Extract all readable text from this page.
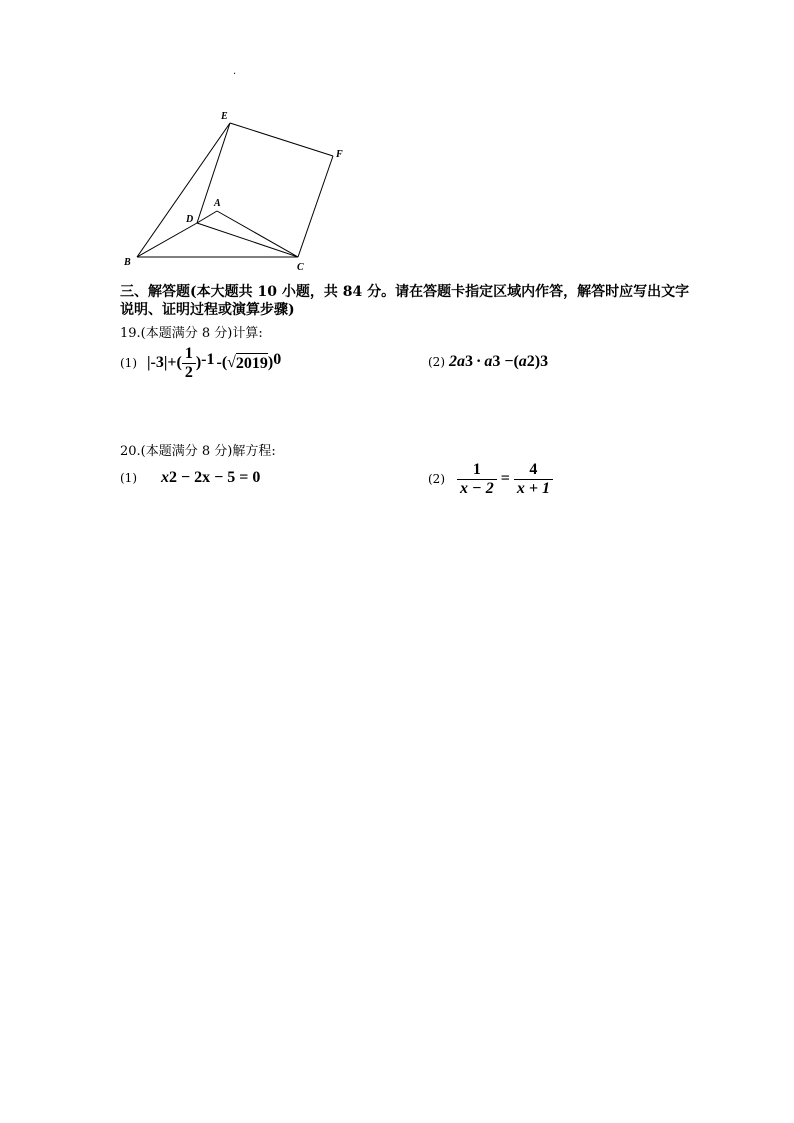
.
E
F
A
D
B	C
三、解答题(本大题共 10 小题，共 84 分。请在答题卡指定区域内作答，解答时应写出文字说明、证明过程或演算步骤)
19.(本题满分 8 分)计算:
(1) |-3| +( $\frac{1}{2}$ ) -1 -( √ 2019 ) 0	(2) 2a 3 · a 3 −( a 2 ) 3
20.(本题满分 8 分)解方程:
(1) x 2 − 2x − 5 = 0	$(2) \frac{1}{x - 2} = \frac{4}{x + 1}$
